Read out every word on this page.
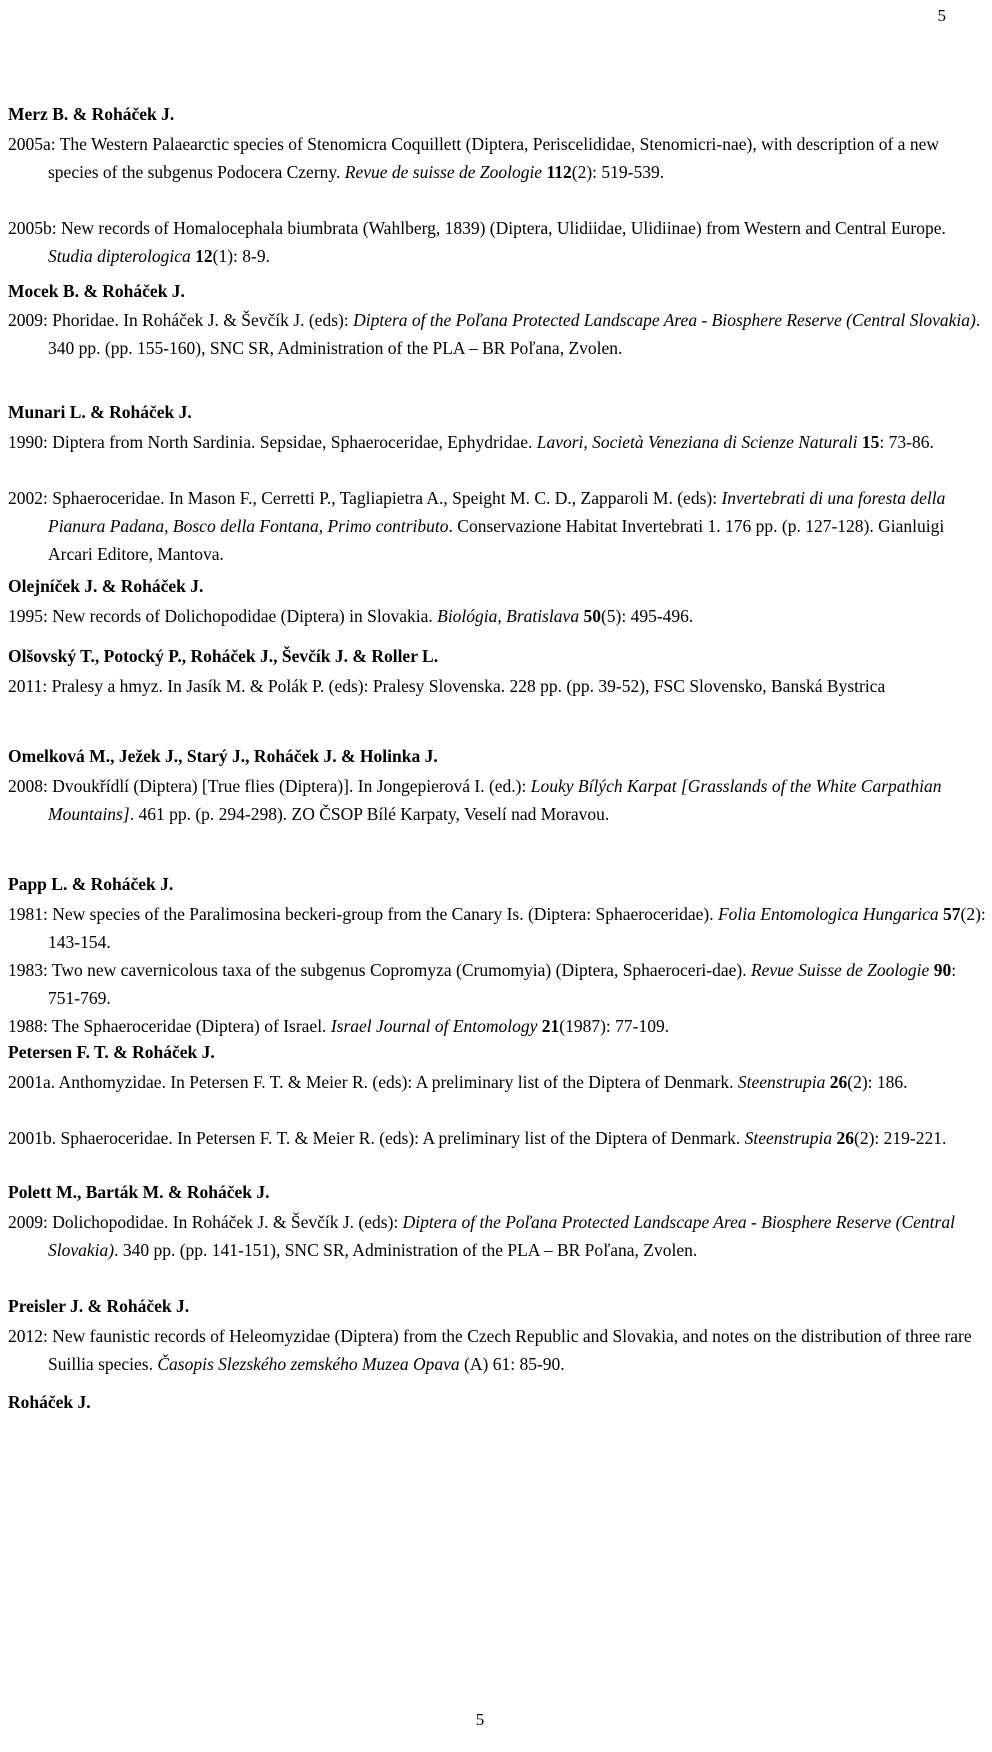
5
Merz B. & Roháček J.
2005a: The Western Palaearctic species of Stenomicra Coquillett (Diptera, Periscelididae, Stenomicri-nae), with description of a new species of the subgenus Podocera Czerny. Revue de suisse de Zoologie 112(2): 519-539.
2005b: New records of Homalocephala biumbrata (Wahlberg, 1839) (Diptera, Ulidiidae, Ulidiinae) from Western and Central Europe. Studia dipterologica 12(1): 8-9.
Mocek B. & Roháček J.
2009: Phoridae. In Roháček J. & Ševčík J. (eds): Diptera of the Poľana Protected Landscape Area - Biosphere Reserve (Central Slovakia). 340 pp. (pp. 155-160), SNC SR, Administration of the PLA – BR Poľana, Zvolen.
Munari L. & Roháček J.
1990: Diptera from North Sardinia. Sepsidae, Sphaeroceridae, Ephydridae. Lavori, Società Veneziana di Scienze Naturali 15: 73-86.
2002: Sphaeroceridae. In Mason F., Cerretti P., Tagliapietra A., Speight M. C. D., Zapparoli M. (eds): Invertebrati di una foresta della Pianura Padana, Bosco della Fontana, Primo contributo. Conservazione Habitat Invertebrati 1. 176 pp. (p. 127-128). Gianluigi Arcari Editore, Mantova.
Olejníček J. & Roháček J.
1995: New records of Dolichopodidae (Diptera) in Slovakia. Biológia, Bratislava 50(5): 495-496.
Olšovský T., Potocký P., Roháček J., Ševčík J. & Roller L.
2011: Pralesy a hmyz. In Jasík M. & Polák P. (eds): Pralesy Slovenska. 228 pp. (pp. 39-52), FSC Slovensko, Banská Bystrica
Omelková M., Ježek J., Starý J., Roháček J. & Holinka J.
2008: Dvoukřídlí (Diptera) [True flies (Diptera)]. In Jongepierová I. (ed.): Louky Bílých Karpat [Grasslands of the White Carpathian Mountains]. 461 pp. (p. 294-298). ZO ČSOP Bílé Karpaty, Veselí nad Moravou.
Papp L. & Roháček J.
1981: New species of the Paralimosina beckeri-group from the Canary Is. (Diptera: Sphaeroceridae). Folia Entomologica Hungarica 57(2): 143-154.
1983: Two new cavernicolous taxa of the subgenus Copromyza (Crumomyia) (Diptera, Sphaeroceri-dae). Revue Suisse de Zoologie 90: 751-769.
1988: The Sphaeroceridae (Diptera) of Israel. Israel Journal of Entomology 21(1987): 77-109.
Petersen F. T. & Roháček J.
2001a. Anthomyzidae. In Petersen F. T. & Meier R. (eds): A preliminary list of the Diptera of Denmark. Steenstrupia 26(2): 186.
2001b. Sphaeroceridae. In Petersen F. T. & Meier R. (eds): A preliminary list of the Diptera of Denmark. Steenstrupia 26(2): 219-221.
Polett M., Barták M. & Roháček J.
2009: Dolichopodidae. In Roháček J. & Ševčík J. (eds): Diptera of the Poľana Protected Landscape Area - Biosphere Reserve (Central Slovakia). 340 pp. (pp. 141-151), SNC SR, Administration of the PLA – BR Poľana, Zvolen.
Preisler J. & Roháček J.
2012: New faunistic records of Heleomyzidae (Diptera) from the Czech Republic and Slovakia, and notes on the distribution of three rare Suillia species. Časopis Slezského zemského Muzea Opava (A) 61: 85-90.
Roháček J.
5
